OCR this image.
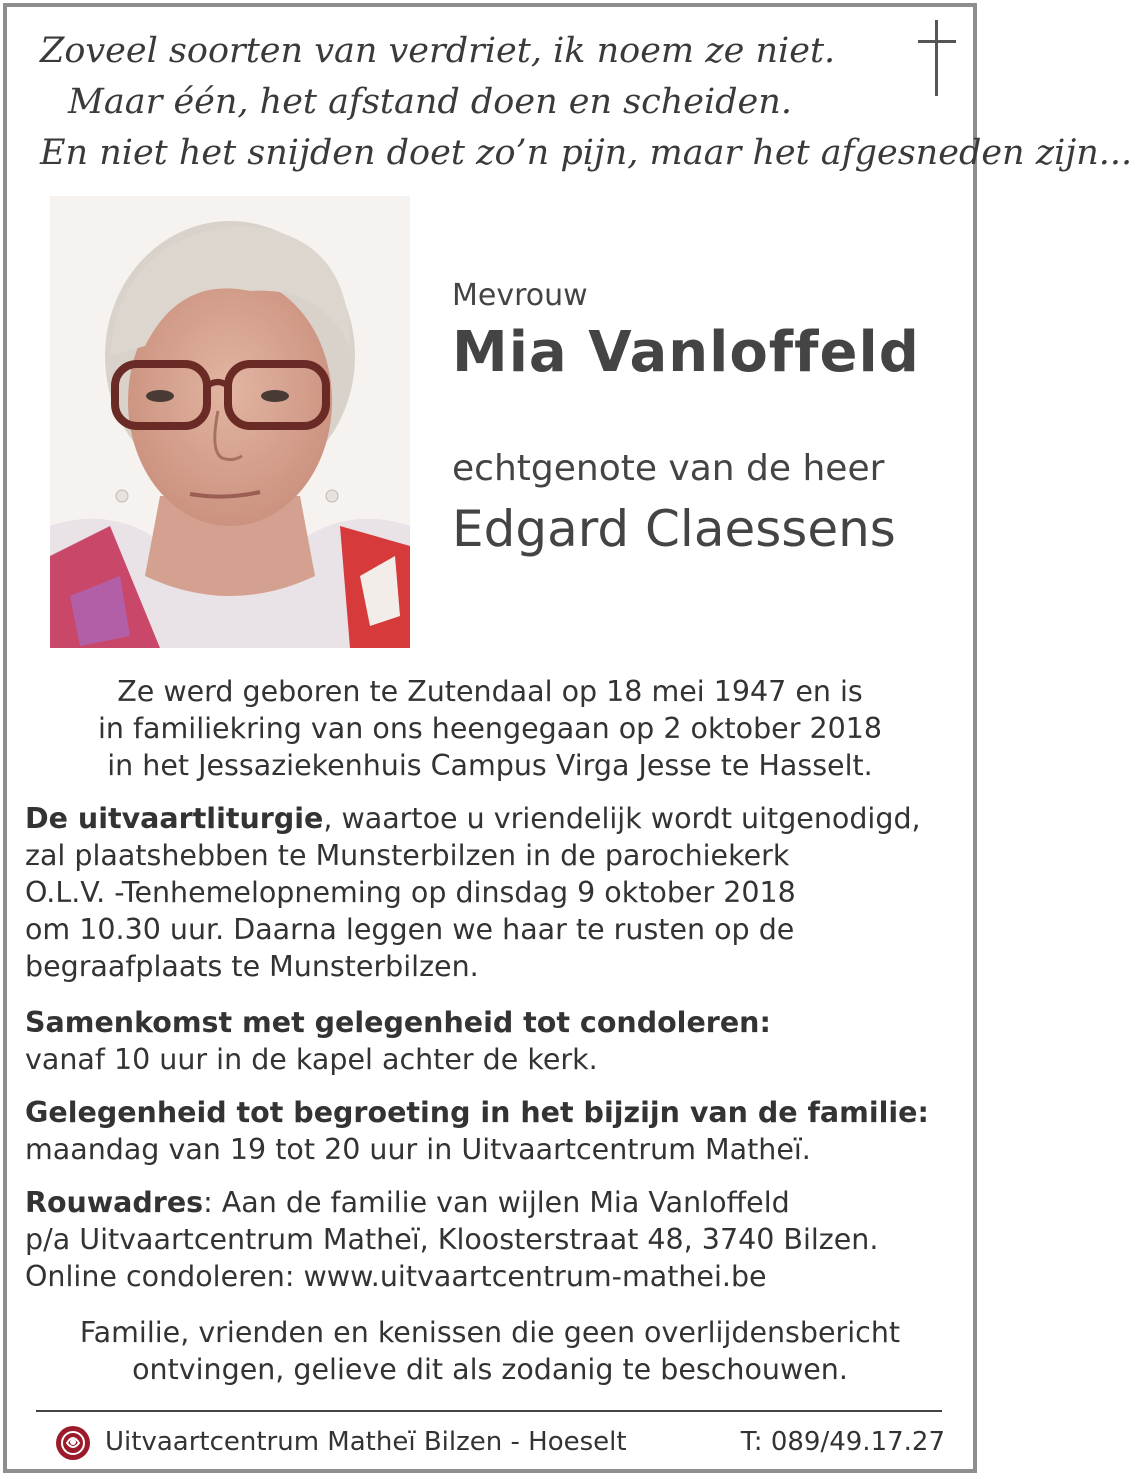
Zoveel soorten van verdriet, ik noem ze niet.
Maar één, het afstand doen en scheiden.
En niet het snijden doet zo’n pijn, maar het afgesneden zijn...
Mevrouw
Mia Vanloffeld
echtgenote van de heer
Edgard Claessens
Ze werd geboren te Zutendaal op 18 mei 1947 en is
in familiekring van ons heengegaan op 2 oktober 2018
in het Jessaziekenhuis Campus Virga Jesse te Hasselt.
De uitvaartliturgie, waartoe u vriendelijk wordt uitgenodigd,
zal plaatshebben te Munsterbilzen in de parochiekerk
O.L.V. -Tenhemelopneming op dinsdag 9 oktober 2018
om 10.30 uur. Daarna leggen we haar te rusten op de
begraafplaats te Munsterbilzen.
Samenkomst met gelegenheid tot condoleren:
vanaf 10 uur in de kapel achter de kerk.
Gelegenheid tot begroeting in het bijzijn van de familie:
maandag van 19 tot 20 uur in Uitvaartcentrum Matheï.
Rouwadres: Aan de familie van wijlen Mia Vanloffeld
p/a Uitvaartcentrum Matheï, Kloosterstraat 48, 3740 Bilzen.
Online condoleren: www.uitvaartcentrum-mathei.be
Familie, vrienden en kenissen die geen overlijdensbericht
ontvingen, gelieve dit als zodanig te beschouwen.
Uitvaartcentrum Matheï Bilzen - Hoeselt	T: 089/49.17.27
